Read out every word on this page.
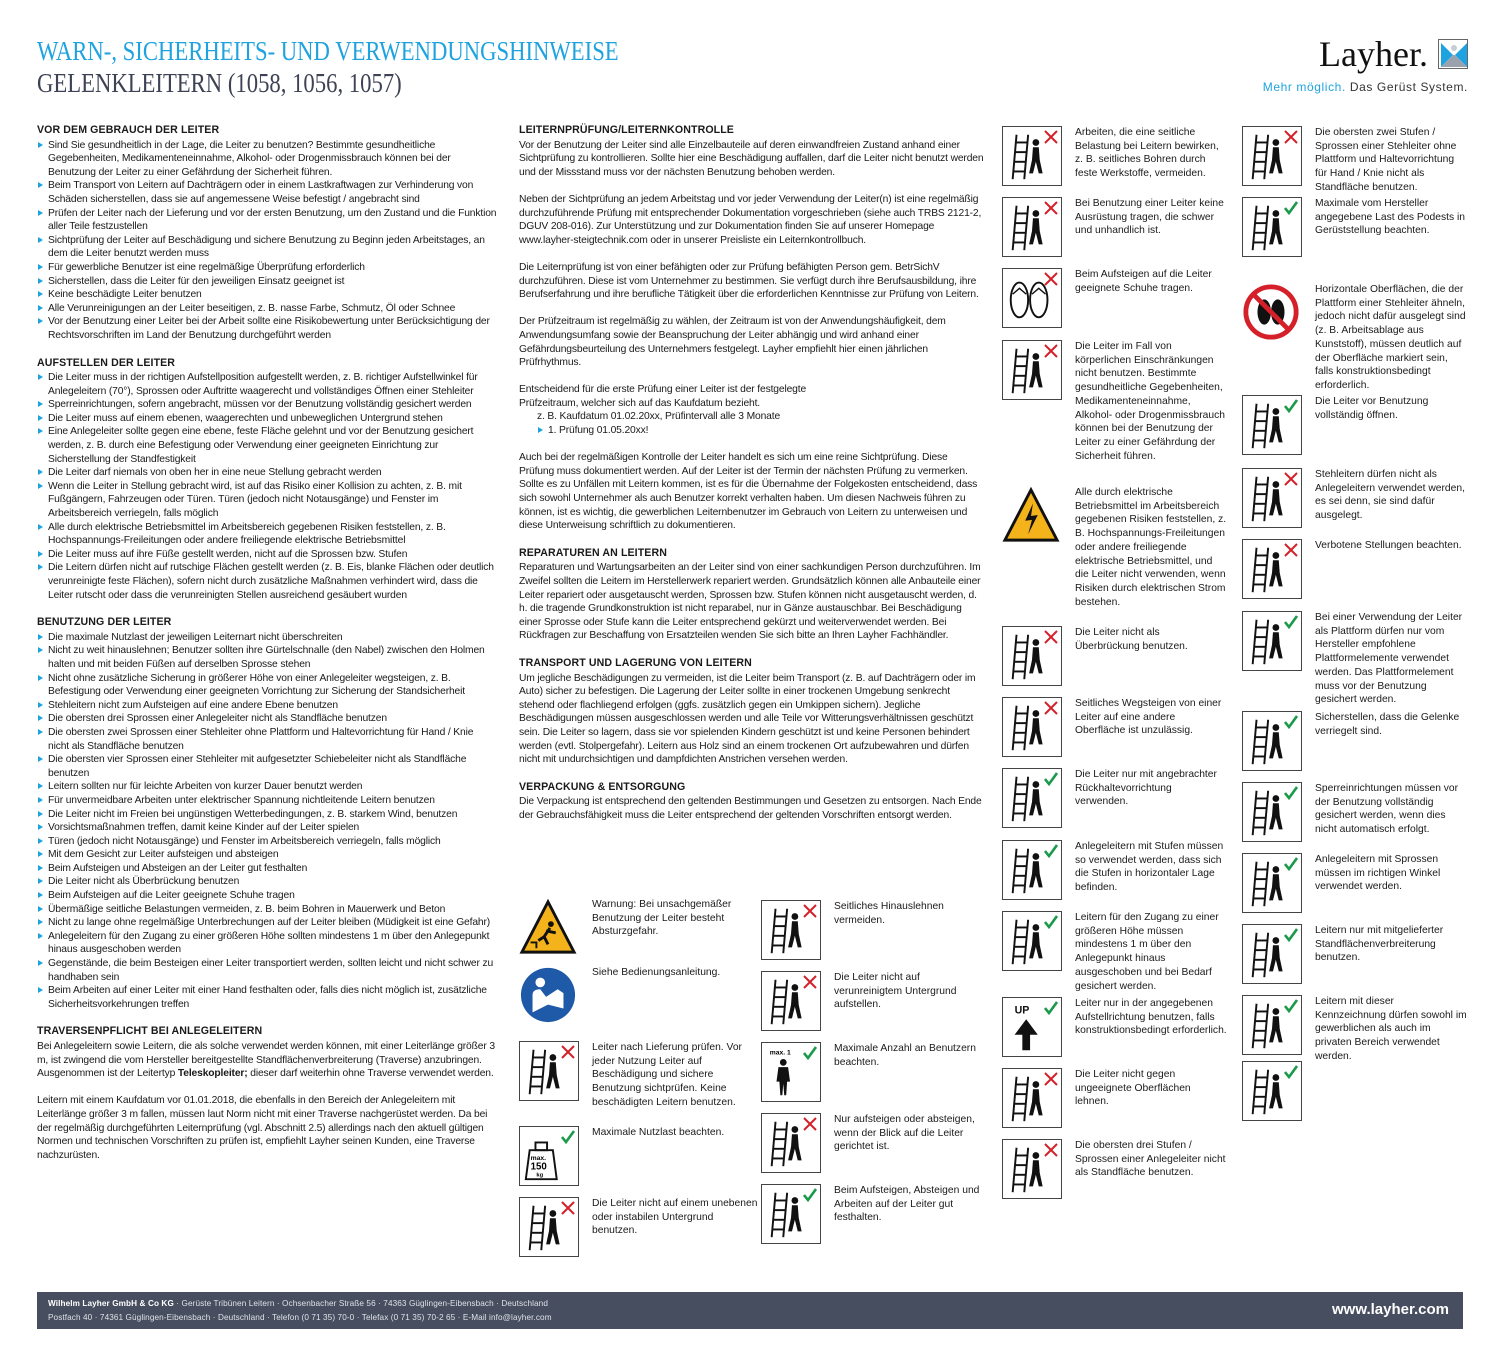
WARN-, SICHERHEITS- UND VERWENDUNGSHINWEISE
GELENKLEITERN (1058, 1056, 1057)
Layher.
Mehr möglich. Das Gerüst System.
VOR DEM GEBRAUCH DER LEITER
Sind Sie gesundheitlich in der Lage, die Leiter zu benutzen? Bestimmte gesundheitliche Gegebenheiten, Medikamenteneinnahme, Alkohol- oder Drogenmissbrauch können bei der Benutzung der Leiter zu einer Gefährdung der Sicherheit führen.
Beim Transport von Leitern auf Dachträgern oder in einem Lastkraftwagen zur Verhinderung von Schäden sicherstellen, dass sie auf angemessene Weise befestigt / angebracht sind
Prüfen der Leiter nach der Lieferung und vor der ersten Benutzung, um den Zustand und die Funktion aller Teile festzustellen
Sichtprüfung der Leiter auf Beschädigung und sichere Benutzung zu Beginn jeden Arbeitstages, an dem die Leiter benutzt werden muss
Für gewerbliche Benutzer ist eine regelmäßige Überprüfung erforderlich
Sicherstellen, dass die Leiter für den jeweiligen Einsatz geeignet ist
Keine beschädigte Leiter benutzen
Alle Verunreinigungen an der Leiter beseitigen, z. B. nasse Farbe, Schmutz, Öl oder Schnee
Vor der Benutzung einer Leiter bei der Arbeit sollte eine Risikobewertung unter Berücksichtigung der Rechtsvorschriften im Land der Benutzung durchgeführt werden
AUFSTELLEN DER LEITER
Die Leiter muss in der richtigen Aufstellposition aufgestellt werden, z. B. richtiger Aufstellwinkel für Anlegeleitern (70°), Sprossen oder Auftritte waagerecht und vollständiges Öffnen einer Stehleiter
Sperreinrichtungen, sofern angebracht, müssen vor der Benutzung vollständig gesichert werden
Die Leiter muss auf einem ebenen, waagerechten und unbeweglichen Untergrund stehen
Eine Anlegeleiter sollte gegen eine ebene, feste Fläche gelehnt und vor der Benutzung gesichert werden, z. B. durch eine Befestigung oder Verwendung einer geeigneten Einrichtung zur Sicherstellung der Standfestigkeit
Die Leiter darf niemals von oben her in eine neue Stellung gebracht werden
Wenn die Leiter in Stellung gebracht wird, ist auf das Risiko einer Kollision zu achten, z. B. mit Fußgängern, Fahrzeugen oder Türen. Türen (jedoch nicht Notausgänge) und Fenster im Arbeitsbereich verriegeln, falls möglich
Alle durch elektrische Betriebsmittel im Arbeitsbereich gegebenen Risiken feststellen, z. B. Hochspannungs-Freileitungen oder andere freiliegende elektrische Betriebsmittel
Die Leiter muss auf ihre Füße gestellt werden, nicht auf die Sprossen bzw. Stufen
Die Leitern dürfen nicht auf rutschige Flächen gestellt werden (z. B. Eis, blanke Flächen oder deutlich verunreinigte feste Flächen), sofern nicht durch zusätzliche Maßnahmen verhindert wird, dass die Leiter rutscht oder dass die verunreinigten Stellen ausreichend gesäubert wurden
BENUTZUNG DER LEITER
Die maximale Nutzlast der jeweiligen Leiternart nicht überschreiten
Nicht zu weit hinauslehnen; Benutzer sollten ihre Gürtelschnalle (den Nabel) zwischen den Holmen halten und mit beiden Füßen auf derselben Sprosse stehen
Nicht ohne zusätzliche Sicherung in größerer Höhe von einer Anlegeleiter wegsteigen, z. B. Befestigung oder Verwendung einer geeigneten Vorrichtung zur Sicherung der Standsicherheit
Stehleitern nicht zum Aufsteigen auf eine andere Ebene benutzen
Die obersten drei Sprossen einer Anlegeleiter nicht als Standfläche benutzen
Die obersten zwei Sprossen einer Stehleiter ohne Plattform und Haltevorrichtung für Hand / Knie nicht als Standfläche benutzen
Die obersten vier Sprossen einer Stehleiter mit aufgesetzter Schiebeleiter nicht als Standfläche benutzen
Leitern sollten nur für leichte Arbeiten von kurzer Dauer benutzt werden
Für unvermeidbare Arbeiten unter elektrischer Spannung nichtleitende Leitern benutzen
Die Leiter nicht im Freien bei ungünstigen Wetterbedingungen, z. B. starkem Wind, benutzen
Vorsichtsmaßnahmen treffen, damit keine Kinder auf der Leiter spielen
Türen (jedoch nicht Notausgänge) und Fenster im Arbeitsbereich verriegeln, falls möglich
Mit dem Gesicht zur Leiter aufsteigen und absteigen
Beim Aufsteigen und Absteigen an der Leiter gut festhalten
Die Leiter nicht als Überbrückung benutzen
Beim Aufsteigen auf die Leiter geeignete Schuhe tragen
Übermäßige seitliche Belastungen vermeiden, z. B. beim Bohren in Mauerwerk und Beton
Nicht zu lange ohne regelmäßige Unterbrechungen auf der Leiter bleiben (Müdigkeit ist eine Gefahr)
Anlegeleitern für den Zugang zu einer größeren Höhe sollten mindestens 1 m über den Anlegepunkt hinaus ausgeschoben werden
Gegenstände, die beim Besteigen einer Leiter transportiert werden, sollten leicht und nicht schwer zu handhaben sein
Beim Arbeiten auf einer Leiter mit einer Hand festhalten oder, falls dies nicht möglich ist, zusätzliche Sicherheitsvorkehrungen treffen
TRAVERSENPFLICHT BEI ANLEGELEITERN

Bei Anlegeleitern sowie Leitern, die als solche verwendet werden können, mit einer Leiterlänge größer 3 m, ist zwingend die vom Hersteller bereitgestellte Standflächenverbreiterung (Traverse) anzubringen. Ausgenommen ist der Leitertyp Teleskopleiter; dieser darf weiterhin ohne Traverse verwendet werden.

Leitern mit einem Kaufdatum vor 01.01.2018, die ebenfalls in den Bereich der Anlegeleitern mit Leiterlänge größer 3 m fallen, müssen laut Norm nicht mit einer Traverse nachgerüstet werden. Da bei der regelmäßig durchgeführten Leiternprüfung (vgl. Abschnitt 2.5) allerdings nach den aktuell gültigen Normen und technischen Vorschriften zu prüfen ist, empfiehlt Layher seinen Kunden, eine Traverse nachzurüsten.

LEITERNPRÜFUNG/LEITERNKONTROLLE

Vor der Benutzung der Leiter sind alle Einzelbauteile auf deren einwandfreien Zustand anhand einer Sichtprüfung zu kontrollieren. Sollte hier eine Beschädigung auffallen, darf die Leiter nicht benutzt werden und der Missstand muss vor der nächsten Benutzung behoben werden.

Neben der Sichtprüfung an jedem Arbeitstag und vor jeder Verwendung der Leiter(n) ist eine regelmäßig durchzuführende Prüfung mit entsprechender Dokumentation vorgeschrieben (siehe auch TRBS 2121-2, DGUV 208-016). Zur Unterstützung und zur Dokumentation finden Sie auf unserer Homepage www.layher-steigtechnik.com oder in unserer Preisliste ein Leiternkontrollbuch.

Die Leiternprüfung ist von einer befähigten oder zur Prüfung befähigten Person gem. BetrSichV durchzuführen. Diese ist vom Unternehmer zu bestimmen. Sie verfügt durch ihre Berufsausbildung, ihre Berufserfahrung und ihre berufliche Tätigkeit über die erforderlichen Kenntnisse zur Prüfung von Leitern.

Der Prüfzeitraum ist regelmäßig zu wählen, der Zeitraum ist von der Anwendungshäufigkeit, dem Anwendungsumfang sowie der Beanspruchung der Leiter abhängig und wird anhand einer Gefährdungsbeurteilung des Unternehmers festgelegt. Layher empfiehlt hier einen jährlichen Prüfrhythmus.

Entscheidend für die erste Prüfung einer Leiter ist der festgelegte
Prüfzeitraum, welcher sich auf das Kaufdatum bezieht.
z. B. Kaufdatum 01.02.20xx, Prüfintervall alle 3 Monate
1. Prüfung 01.05.20xx!

Auch bei der regelmäßigen Kontrolle der Leiter handelt es sich um eine reine Sichtprüfung. Diese Prüfung muss dokumentiert werden. Auf der Leiter ist der Termin der nächsten Prüfung zu vermerken. Sollte es zu Unfällen mit Leitern kommen, ist es für die Übernahme der Folgekosten entscheidend, dass sich sowohl Unternehmer als auch Benutzer korrekt verhalten haben. Um diesen Nachweis führen zu können, ist es wichtig, die gewerblichen Leiternbenutzer im Gebrauch von Leitern zu unterweisen und diese Unterweisung schriftlich zu dokumentieren.

REPARATUREN AN LEITERN

Reparaturen und Wartungsarbeiten an der Leiter sind von einer sachkundigen Person durchzuführen. Im Zweifel sollten die Leitern im Herstellerwerk repariert werden. Grundsätzlich können alle Anbauteile einer Leiter repariert oder ausgetauscht werden, Sprossen bzw. Stufen können nicht ausgetauscht werden, d. h. die tragende Grundkonstruktion ist nicht reparabel, nur in Gänze austauschbar. Bei Beschädigung einer Sprosse oder Stufe kann die Leiter entsprechend gekürzt und weiterverwendet werden. Bei Rückfragen zur Beschaffung von Ersatzteilen wenden Sie sich bitte an Ihren Layher Fachhändler.

TRANSPORT UND LAGERUNG VON LEITERN

Um jegliche Beschädigungen zu vermeiden, ist die Leiter beim Transport (z. B. auf Dachträgern oder im Auto) sicher zu befestigen. Die Lagerung der Leiter sollte in einer trockenen Umgebung senkrecht stehend oder flachliegend erfolgen (ggfs. zusätzlich gegen ein Umkippen sichern). Jegliche Beschädigungen müssen ausgeschlossen werden und alle Teile vor Witterungsverhältnissen geschützt sein. Die Leiter so lagern, dass sie vor spielenden Kindern geschützt ist und keine Personen behindert werden (evtl. Stolpergefahr). Leitern aus Holz sind an einem trockenen Ort aufzubewahren und dürfen nicht mit undurchsichtigen und dampfdichten Anstrichen versehen werden.

VERPACKUNG & ENTSORGUNG

Die Verpackung ist entsprechend den geltenden Bestimmungen und Gesetzen zu entsorgen. Nach Ende der Gebrauchsfähigkeit muss die Leiter entsprechend der geltenden Vorschriften entsorgt werden.

Warnung: Bei unsachgemäßer Benutzung der Leiter besteht Absturzgefahr.
Siehe Bedienungsanleitung.
Leiter nach Lieferung prüfen. Vor jeder Nutzung Leiter auf Beschädigung und sichere Benutzung sichtprüfen. Keine beschädigten Leitern benutzen.
max.
150
kg
Maximale Nutzlast beachten.
Die Leiter nicht auf einem unebenen oder instabilen Untergrund benutzen.
Seitliches Hinauslehnen vermeiden.
Die Leiter nicht auf verunreinigtem Untergrund aufstellen.
max. 1	Maximale Anzahl an Benutzern beachten.
Nur aufsteigen oder absteigen, wenn der Blick auf die Leiter gerichtet ist.
Beim Aufsteigen, Absteigen und Arbeiten auf der Leiter gut festhalten.
Arbeiten, die eine seitliche Belastung bei Leitern bewirken, z. B. seitliches Bohren durch feste Werkstoffe, vermeiden.
Bei Benutzung einer Leiter keine Ausrüstung tragen, die schwer und unhandlich ist.
Beim Aufsteigen auf die Leiter geeignete Schuhe tragen.
Die Leiter im Fall von körperlichen Einschränkungen nicht benutzen. Bestimmte gesundheitliche Gegebenheiten, Medikamenteneinnahme, Alkohol- oder Drogenmissbrauch können bei der Benutzung der Leiter zu einer Gefährdung der Sicherheit führen.
Alle durch elektrische Betriebsmittel im Arbeitsbereich gegebenen Risiken feststellen, z. B. Hochspannungs-Freileitungen oder andere freiliegende elektrische Betriebsmittel, und die Leiter nicht verwenden, wenn Risiken durch elektrischen Strom bestehen.
Die Leiter nicht als Überbrückung benutzen.
Seitliches Wegsteigen von einer Leiter auf eine andere Oberfläche ist unzulässig.
Die Leiter nur mit angebrachter Rückhaltevorrichtung verwenden.
Anlegeleitern mit Stufen müssen so verwendet werden, dass sich die Stufen in horizontaler Lage befinden.
Leitern für den Zugang zu einer größeren Höhe müssen mindestens 1 m über den Anlegepunkt hinaus ausgeschoben und bei Bedarf gesichert werden.
UP
Leiter nur in der angegebenen Aufstellrichtung benutzen, falls konstruktionsbedingt erforderlich.
Die Leiter nicht gegen ungeeignete Oberflächen lehnen.
Die obersten drei Stufen / Sprossen einer Anlegeleiter nicht als Standfläche benutzen.
Die obersten zwei Stufen / Sprossen einer Stehleiter ohne Plattform und Haltevorrichtung für Hand / Knie nicht als Standfläche benutzen.
Maximale vom Hersteller angegebene Last des Podests in Gerüststellung beachten.
Horizontale Oberflächen, die der Plattform einer Stehleiter ähneln, jedoch nicht dafür ausgelegt sind (z. B. Arbeitsablage aus Kunststoff), müssen deutlich auf der Oberfläche markiert sein, falls konstruktionsbedingt erforderlich.
Die Leiter vor Benutzung vollständig öffnen.
Stehleitern dürfen nicht als Anlegeleitern verwendet werden, es sei denn, sie sind dafür ausgelegt.
Verbotene Stellungen beachten.
Bei einer Verwendung der Leiter als Plattform dürfen nur vom Hersteller empfohlene Plattformelemente verwendet werden. Das Plattformelement muss vor der Benutzung gesichert werden.
Sicherstellen, dass die Gelenke verriegelt sind.
Sperreinrichtungen müssen vor der Benutzung vollständig gesichert werden, wenn dies nicht automatisch erfolgt.
Anlegeleitern mit Sprossen müssen im richtigen Winkel verwendet werden.
Leitern nur mit mitgelieferter Standflächenverbreiterung benutzen.
Leitern mit dieser Kennzeichnung dürfen sowohl im gewerblichen als auch im privaten Bereich verwendet werden.
Wilhelm Layher GmbH & Co KG · Gerüste Tribünen Leitern · Ochsenbacher Straße 56 · 74363 Güglingen-Eibensbach · Deutschland
Postfach 40 · 74361 Güglingen-Eibensbach · Deutschland · Telefon (0 71 35) 70-0 · Telefax (0 71 35) 70-2 65 · E-Mail info@layher.com	www.layher.com
